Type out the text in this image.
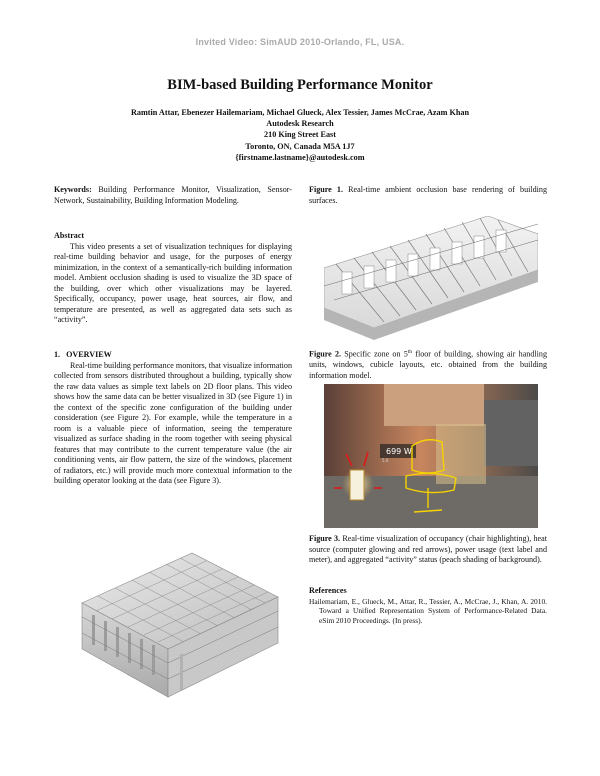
Invited Video: SimAUD 2010-Orlando, FL, USA.
BIM-based Building Performance Monitor
Ramtin Attar, Ebenezer Hailemariam, Michael Glueck, Alex Tessier, James McCrae, Azam Khan
Autodesk Research
210 King Street East
Toronto, ON, Canada M5A 1J7
{firstname.lastname}@autodesk.com
Keywords: Building Performance Monitor, Visualization, Sensor-Network, Sustainability, Building Information Modeling.
Abstract

This video presents a set of visualization techniques for displaying real-time building behavior and usage, for the purposes of energy minimization, in the context of a semantically-rich building information model. Ambient occlusion shading is used to visualize the 3D space of the building, over which other visualizations may be layered. Specifically, occupancy, power usage, heat sources, air flow, and temperature are presented, as well as aggregated data sets such as “activity”.

1.   OVERVIEW

Real-time building performance monitors, that visualize information collected from sensors distributed throughout a building, typically show the raw data values as simple text labels on 2D floor plans. This video shows how the same data can be better visualized in 3D (see Figure 1) in the context of the specific zone configuration of the building under consideration (see Figure 2). For example, while the temperature in a room is a valuable piece of information, seeing the temperature visualized as surface shading in the room together with seeing physical features that may contribute to the current temperature value (the air conditioning vents, air flow pattern, the size of the windows, placement of radiators, etc.) will provide much more contextual information to the building operator looking at the data (see Figure 3).

Figure 1. Real-time ambient occlusion base rendering of building surfaces.
Figure 2. Specific zone on 5th floor of building, showing air handling units, windows, cubicle layouts, etc. obtained from the building information model.
699 W
5.0
Figure 3. Real-time visualization of occupancy (chair highlighting), heat source (computer glowing and red arrows), power usage (text label and meter), and aggregated “activity” status (peach shading of background).
References
Hailemariam, E., Glueck, M., Attar, R., Tessier, A., McCrae, J., Khan, A. 2010. Toward a Unified Representation System of Performance-Related Data. eSim 2010 Proceedings. (In press).
